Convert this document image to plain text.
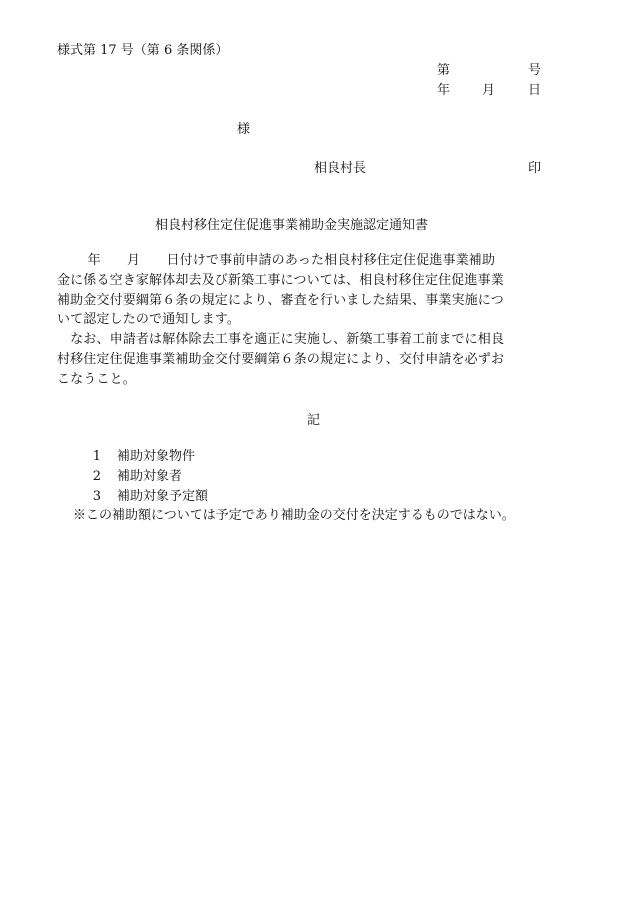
様式第 17 号（第 6 条関係）
第	号
年 月	日
様
相良村長	印
相良村移住定住促進事業補助金実施認定通知書
　　 年　　月　　日付けで事前申請のあった相良村移住定住促進事業補助
金に係る空き家解体却去及び新築工事については、相良村移住定住促進事業
補助金交付要綱第６条の規定により、審査を行いました結果、事業実施につ
いて認定したので通知します。
　なお、申請者は解体除去工事を適正に実施し、新築工事着工前までに相良
村移住定住促進事業補助金交付要綱第６条の規定により、交付申請を必ずお
こなうこと。
記
1 補助対象物件
2 補助対象者
3 補助対象予定額
※この補助額については予定であり補助金の交付を決定するものではない。
